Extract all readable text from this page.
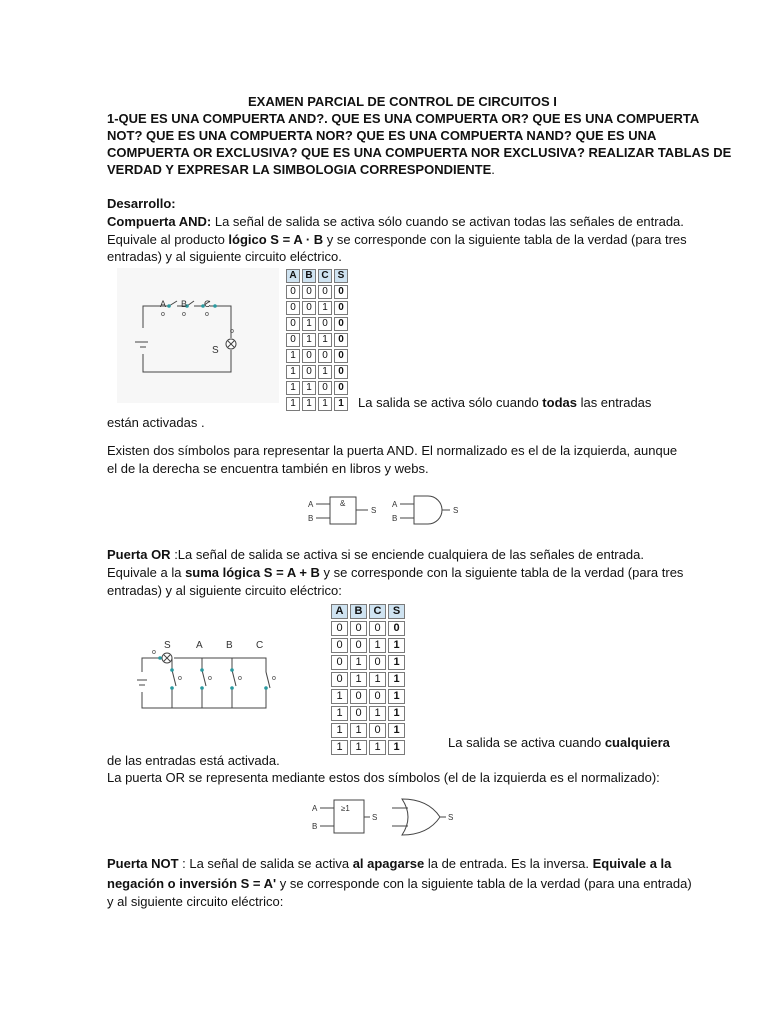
EXAMEN PARCIAL DE CONTROL DE CIRCUITOS I
1-QUE ES UNA COMPUERTA AND?. QUE ES UNA COMPUERTA OR? QUE ES UNA COMPUERTA
NOT? QUE ES UNA COMPUERTA NOR? QUE ES UNA COMPUERTA NAND? QUE ES UNA
COMPUERTA OR EXCLUSIVA? QUE ES UNA COMPUERTA NOR EXCLUSIVA? REALIZAR TABLAS DE
VERDAD Y EXPRESAR LA SIMBOLOGIA CORRESPONDIENTE.
Desarrollo:
Compuerta AND: La señal de salida se activa sólo cuando se activan todas las señales de entrada.
Equivale al producto lógico S = A · B y se corresponde con la siguiente tabla de la verdad (para tres
entradas) y al siguiente circuito eléctrico.
A B C
o o	o
o
S
A	B	C	S
0	0	0	0
0	0	1	0
0	1	0	0
0	1	1	0
1	0	0	0
1	0	1	0
1	1	0	0
1	1	1	1 La salida se activa sólo cuando todas las entradas
están activadas .
Existen dos símbolos para representar la puerta AND. El normalizado es el de la izquierda, aunque
el de la derecha se encuentra también en libros y webs.
A
B
&
S
A
B
S
Puerta OR :La señal de salida se activa si se enciende cualquiera de las señales de entrada.
Equivale a la suma lógica S = A + B y se corresponde con la siguiente tabla de la verdad (para tres
entradas) y al siguiente circuito eléctrico:
S	A B C
o	o	o	o
o
A	B	C	S
0	0	0	0
0	0	1	1
0	1	0	1
0	1	1	1
1	0	0	1
1	0	1	1
1	1	0	1
1	1	1	1	La salida se activa cuando cualquiera
de las entradas está activada.
La puerta OR se representa mediante estos dos símbolos (el de la izquierda es el normalizado):
A
B
≥1
S	S
Puerta NOT : La señal de salida se activa al apagarse la de entrada. Es la inversa. Equivale a la
negación o inversión S = A' y se corresponde con la siguiente tabla de la verdad (para una entrada)
y al siguiente circuito eléctrico:
